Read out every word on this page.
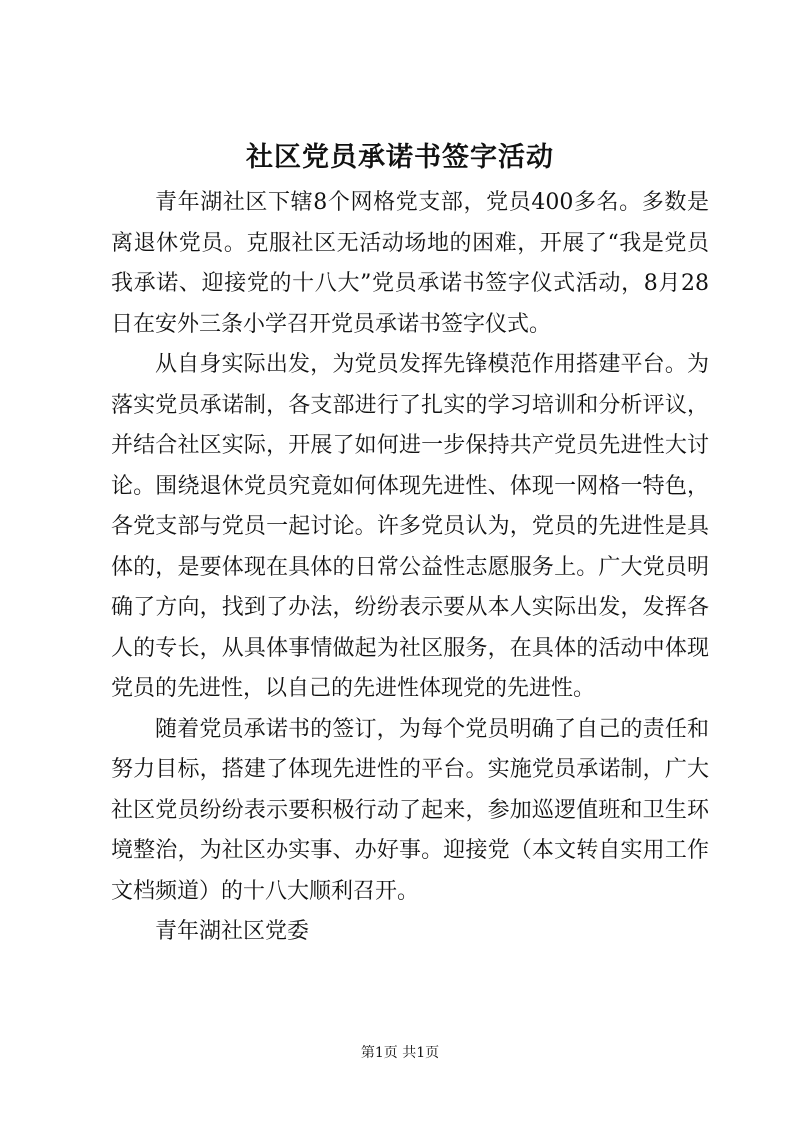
社区党员承诺书签字活动

青年湖社区下辖8个网格党支部，党员400多名。多数是离退休党员。克服社区无活动场地的困难，开展了“我是党员我承诺、迎接党的十八大”党员承诺书签字仪式活动，8月28日在安外三条小学召开党员承诺书签字仪式。

从自身实际出发，为党员发挥先锋模范作用搭建平台。为落实党员承诺制，各支部进行了扎实的学习培训和分析评议，并结合社区实际，开展了如何进一步保持共产党员先进性大讨论。围绕退休党员究竟如何体现先进性、体现一网格一特色，各党支部与党员一起讨论。许多党员认为，党员的先进性是具体的，是要体现在具体的日常公益性志愿服务上。广大党员明确了方向，找到了办法，纷纷表示要从本人实际出发，发挥各人的专长，从具体事情做起为社区服务，在具体的活动中体现党员的先进性，以自己的先进性体现党的先进性。

随着党员承诺书的签订，为每个党员明确了自己的责任和努力目标，搭建了体现先进性的平台。实施党员承诺制，广大社区党员纷纷表示要积极行动了起来，参加巡逻值班和卫生环境整治，为社区办实事、办好事。迎接党（本文转自实用工作文档频道）的十八大顺利召开。

青年湖社区党委

第1页 共1页
